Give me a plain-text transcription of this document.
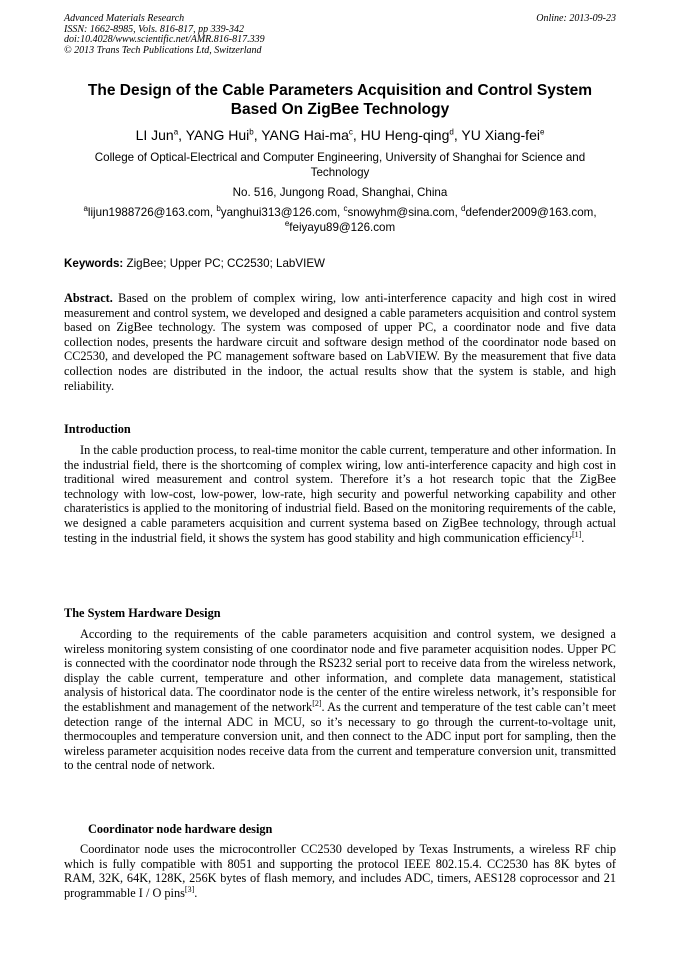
Advanced Materials Research
ISSN: 1662-8985, Vols. 816-817, pp 339-342
doi:10.4028/www.scientific.net/AMR.816-817.339
© 2013 Trans Tech Publications Ltd, Switzerland
Online: 2013-09-23
The Design of the Cable Parameters Acquisition and Control System
Based On ZigBee Technology
LI Jun$^a$, YANG Hui$^b$, YANG Hai-$ma^c$, HU Heng-qing$^d$, YU Xiang-fei$^e$
College of Optical-Electrical and Computer Engineering, University of Shanghai for Science and
Technology
No. 516, Jungong Road, Shanghai, China
$^a$lijun1988726@163.com, $^b$yanghui313@126.com, $^c$snowyhm@sina.com, $^d$defender2009@163.com,
$^e$feiyayu89@126.com
Keywords: ZigBee; Upper PC; CC2530; LabVIEW
Abstract. Based on the problem of complex wiring, low anti-interference capacity and high cost in wired measurement and control system, we developed and designed a cable parameters acquisition and control system based on ZigBee technology. The system was composed of upper PC, a coordinator node and five data collection nodes, presents the hardware circuit and software design method of the coordinator node based on CC2530, and developed the PC management software based on LabVIEW. By the measurement that five data collection nodes are distributed in the indoor, the actual results show that the system is stable, and high reliability.
Introduction
In the cable production process, to real-time monitor the cable current, temperature and other information. In the industrial field, there is the shortcoming of complex wiring, low anti-interference capacity and high cost in traditional wired measurement and control system. Therefore it’s a hot research topic that the ZigBee technology with low-cost, low-power, low-rate, high security and powerful networking capability and other charateristics is applied to the monitoring of industrial field. Based on the monitoring requirements of the cable, we designed a cable parameters acquisition and current systema based on ZigBee technology, through actual testing in the industrial field, it shows the system has good stability and high communication efficiency[1].
The System Hardware Design
According to the requirements of the cable parameters acquisition and control system, we designed a wireless monitoring system consisting of one coordinator node and five parameter acquisition nodes. Upper PC is connected with the coordinator node through the RS232 serial port to receive data from the wireless network, display the cable current, temperature and other information, and complete data management, statistical analysis of historical data. The coordinator node is the center of the entire wireless network, it’s responsible for the establishment and management of the network[2]. As the current and temperature of the test cable can’t meet detection range of the internal ADC in MCU, so it’s necessary to go through the current-to-voltage unit, thermocouples and temperature conversion unit, and then connect to the ADC input port for sampling, then the wireless parameter acquisition nodes receive data from the current and temperature conversion unit, transmitted to the central node of network.
Coordinator node hardware design
Coordinator node uses the microcontroller CC2530 developed by Texas Instruments, a wireless RF chip which is fully compatible with 8051 and supporting the protocol IEEE 802.15.4. CC2530 has 8K bytes of RAM, 32K, 64K, 128K, 256K bytes of flash memory, and includes ADC, timers, AES128 coprocessor and 21 programmable I / O pins[3].
